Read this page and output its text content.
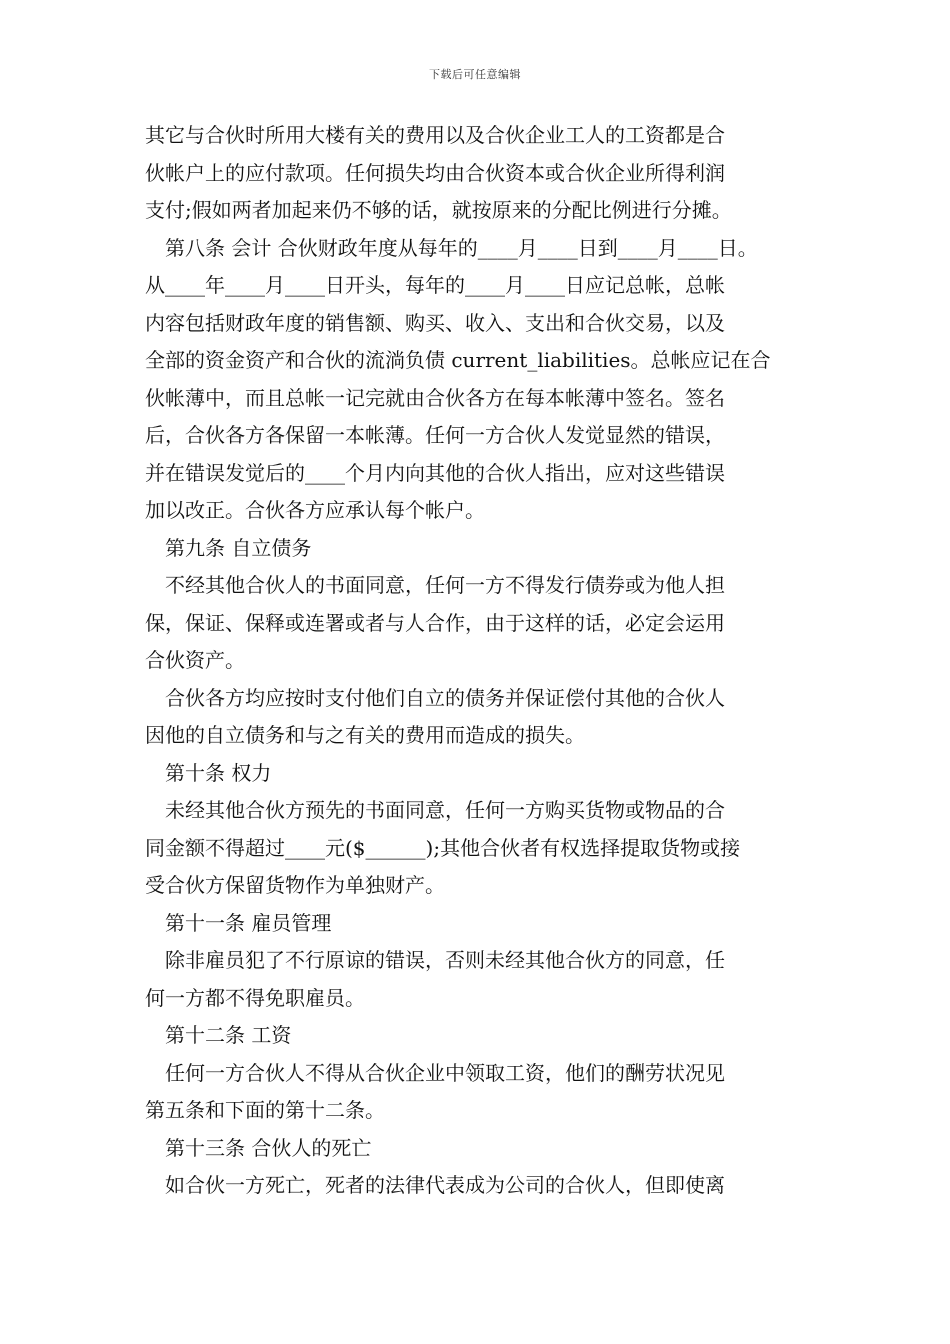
下载后可任意编辑
其它与合伙时所用大楼有关的费用以及合伙企业工人的工资都是合
伙帐户上的应付款项。任何损失均由合伙资本或合伙企业所得利润
支付;假如两者加起来仍不够的话，就按原来的分配比例进行分摊。
第八条 会计 合伙财政年度从每年的____月____日到____月____日。
从____年____月____日开头，每年的____月____日应记总帐，总帐
内容包括财政年度的销售额、购买、收入、支出和合伙交易，以及
全部的资金资产和合伙的流淌负债 current_liabilities。总帐应记在合
伙帐薄中，而且总帐一记完就由合伙各方在每本帐薄中签名。签名
后，合伙各方各保留一本帐薄。任何一方合伙人发觉显然的错误，
并在错误发觉后的____个月内向其他的合伙人指出，应对这些错误
加以改正。合伙各方应承认每个帐户。
第九条 自立债务
不经其他合伙人的书面同意，任何一方不得发行债券或为他人担
保，保证、保释或连署或者与人合作，由于这样的话，必定会运用
合伙资产。
合伙各方均应按时支付他们自立的债务并保证偿付其他的合伙人
因他的自立债务和与之有关的费用而造成的损失。
第十条 权力
未经其他合伙方预先的书面同意，任何一方购买货物或物品的合
同金额不得超过____元($______);其他合伙者有权选择提取货物或接
受合伙方保留货物作为单独财产。
第十一条 雇员管理
除非雇员犯了不行原谅的错误，否则未经其他合伙方的同意，任
何一方都不得免职雇员。
第十二条 工资
任何一方合伙人不得从合伙企业中领取工资，他们的酬劳状况见
第五条和下面的第十二条。
第十三条 合伙人的死亡
如合伙一方死亡，死者的法律代表成为公司的合伙人，但即使离
